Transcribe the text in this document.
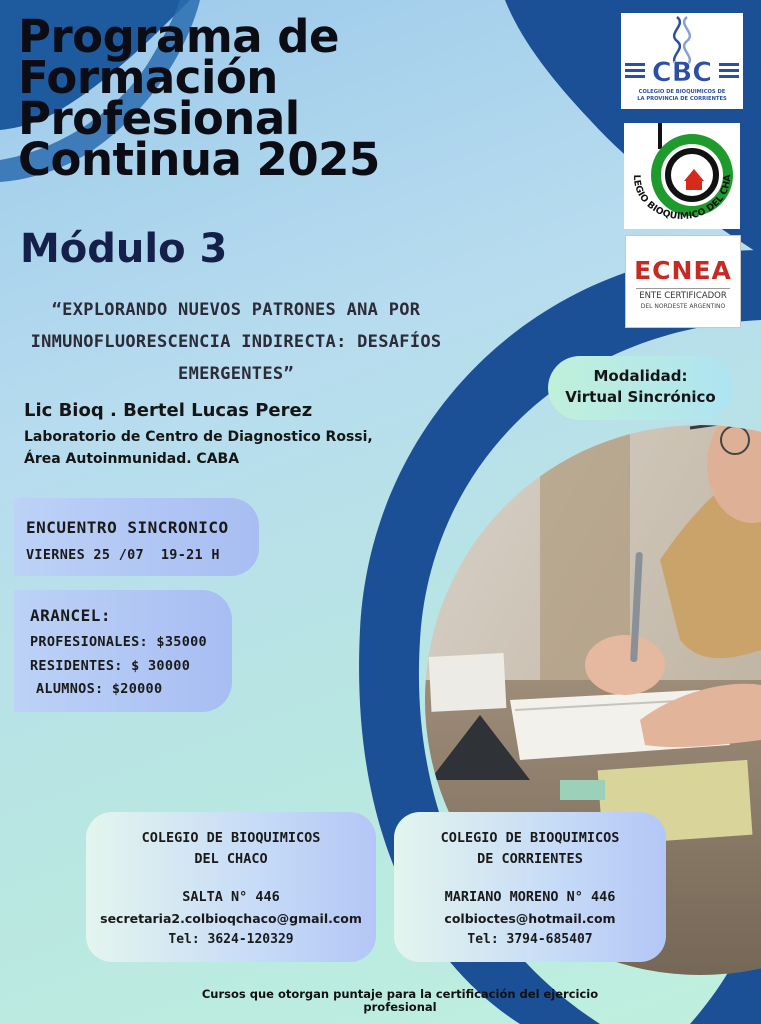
Programa de
Formación
Profesional
Continua 2025
Módulo 3
“EXPLORANDO NUEVOS PATRONES ANA POR
INMUNOFLUORESCENCIA INDIRECTA: DESAFÍOS
EMERGENTES”
Lic Bioq . Bertel Lucas Perez
Laboratorio de Centro de Diagnostico Rossi,
Área Autoinmunidad. CABA
CBC
COLEGIO DE BIOQUIMICOS DE
LA PROVINCIA DE CORRIENTES
LEGIO BIOQUIMICO DEL CHA
ECNEA
ENTE CERTIFICADOR
DEL NORDESTE ARGENTINO
Modalidad:
Virtual Sincrónico
ENCUENTRO SINCRONICO
VIERNES 25 /07  19-21 H
ARANCEL:
PROFESIONALES: $35000
RESIDENTES: $ 30000
ALUMNOS: $20000
COLEGIO DE BIOQUIMICOS
DEL CHACO
SALTA N° 446
secretaria2.colbioqchaco@gmail.com
Tel: 3624-120329
COLEGIO DE BIOQUIMICOS
DE CORRIENTES
MARIANO MORENO N° 446
colbioctes@hotmail.com
Tel: 3794-685407
Cursos que otorgan puntaje para la certificación del ejercicio
profesional
